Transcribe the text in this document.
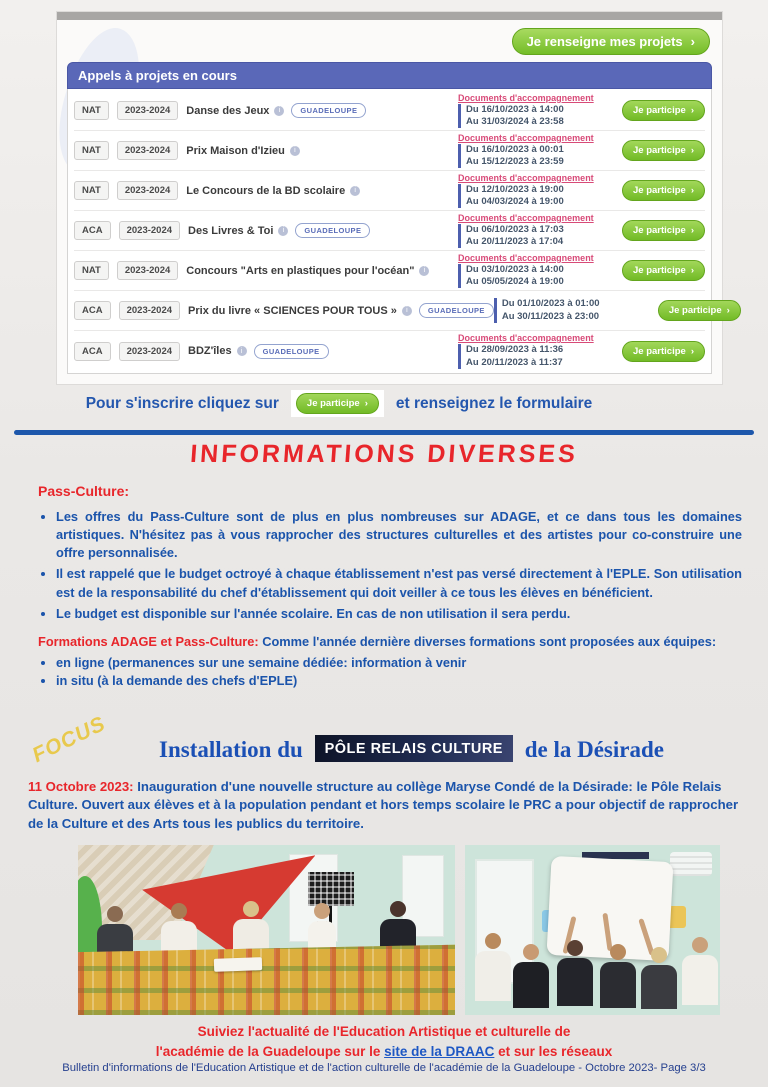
Je renseigne mes projets ›
Appels à projets en cours
NAT	2023-2024	Danse des Jeux	i	GUADELOUPE
Documents d'accompagnement
Du 16/10/2023 à 14:00
Au 31/03/2024 à 23:58
Je participe ›
NAT	2023-2024	Prix Maison d'Izieu	i
Documents d'accompagnement
Du 16/10/2023 à 00:01
Au 15/12/2023 à 23:59
Je participe ›
NAT	2023-2024	Le Concours de la BD scolaire	i
Documents d'accompagnement
Du 12/10/2023 à 19:00
Au 04/03/2024 à 19:00
Je participe ›
ACA	2023-2024	Des Livres & Toi	i	GUADELOUPE
Documents d'accompagnement
Du 06/10/2023 à 17:03
Au 20/11/2023 à 17:04
Je participe ›
NAT	2023-2024	Concours "Arts en plastiques pour l'océan"	i
Documents d'accompagnement
Du 03/10/2023 à 14:00
Au 05/05/2024 à 19:00
Je participe ›
ACA	2023-2024	Prix du livre « SCIENCES POUR TOUS »	i	GUADELOUPE
Du 01/10/2023 à 01:00
Au 30/11/2023 à 23:00	Je participe ›
ACA	2023-2024	BDZ'îles	i	GUADELOUPE
Documents d'accompagnement
Du 28/09/2023 à 11:36
Au 20/11/2023 à 11:37
Je participe ›
Pour s'inscrire cliquez sur	Je participe › et renseignez le formulaire
INFORMATIONS DIVERSES
Pass-Culture:
• Les offres du Pass-Culture sont de plus en plus nombreuses sur ADAGE, et ce dans tous les domaines artistiques. N'hésitez pas à vous rapprocher des structures culturelles et des artistes pour co-construire une offre personnalisée.
• Il est rappelé que le budget octroyé à chaque établissement n'est pas versé directement à l'EPLE. Son utilisation est de la responsabilité du chef d'établissement qui doit veiller à ce tous les élèves en bénéficient.
• Le budget est disponible sur l'année scolaire. En cas de non utilisation il sera perdu.

Formations ADAGE et Pass-Culture: Comme l'année dernière diverses formations sont proposées aux équipes:

• en ligne (permanences sur une semaine dédiée: information à venir
• in situ (à la demande des chefs d'EPLE)
FOCUS	Installation du PÔLE RELAIS CULTURE de la Désirade
11 Octobre 2023: Inauguration d'une nouvelle structure au collège Maryse Condé de la Désirade: le Pôle Relais Culture. Ouvert aux élèves et à la population pendant et hors temps scolaire le PRC a pour objectif de rapprocher de la Culture et des Arts tous les publics du territoire.
Suiviez l'actualité de l'Education Artistique et culturelle de
l'académie de la Guadeloupe sur le site de la DRAAC et sur les réseaux
Bulletin d'informations de l'Education Artistique et de l'action culturelle de l'académie de la Guadeloupe - Octobre 2023- Page 3/3
